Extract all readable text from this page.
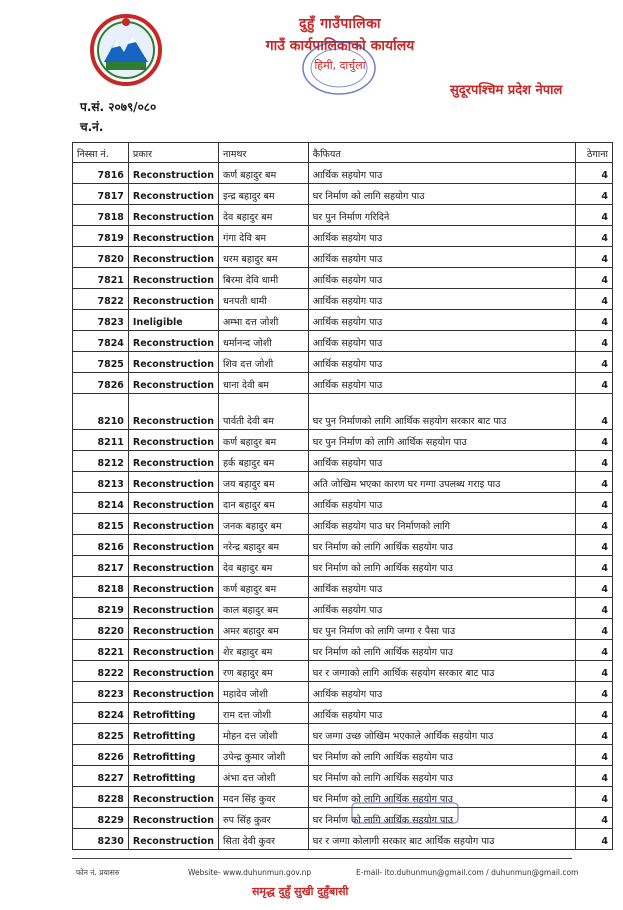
दुहुँ गाउँपालिका
गाउँ कार्यपालिकाको कार्यालय
हिमी, दार्चुला
सुदूरपश्चिम प्रदेश नेपाल
प.सं. २०७९/०८०
च.नं.
निस्सा नं.	प्रकार	नामथर	कैफियत	ठेगाना
7816	Reconstruction	कर्ण बहादुर बम	आर्थिक सहयोग पाउ	4
7817	Reconstruction	इन्द्र बहादुर बम	घर निर्माण को लागि सहयोग पाउ	4
7818	Reconstruction	देव बहादुर बम	घर पुन निर्माण गरिदिने	4
7819	Reconstruction	गंगा देवि बम	आर्थिक सहयोग पाउ	4
7820	Reconstruction	धरम बहादुर बम	आर्थिक सहयोग पाउ	4
7821	Reconstruction	बिरमा देवि धामी	आर्थिक सहयोग पाउ	4
7822	Reconstruction	धनपती धामी	आर्थिक सहयोग पाउ	4
7823	Ineligible	अम्भा दत्त जोशी	आर्थिक सहयोग पाउ	4
7824	Reconstruction	धर्मानन्द जोशी	आर्थिक सहयोग पाउ	4
7825	Reconstruction	शिव दत्त जोशी	आर्थिक सहयोग पाउ	4
7826	Reconstruction	धाना देवी बम	आर्थिक सहयोग पाउ	4
8210	Reconstruction	पार्वती देवी बम	घर पुन निर्माणको लागि आर्थिक सहयोग सरकार बाट पाउ	4
8211	Reconstruction	कर्ण बहादुर बम	घर पुन निर्माण को लागि आर्थिक सहयोग पाउ	4
8212	Reconstruction	हर्क बहादुर बम	आर्थिक सहयोग पाउ	4
8213	Reconstruction	जय बहादुर बम	अति जोखिम भएका कारण घर गग्गा उपलब्ध गराइ पाउ	4
8214	Reconstruction	दान बहादुर बम	आर्थिक सहयोग पाउ	4
8215	Reconstruction	जनक बहादुर बम	आर्थिक सहयोग पाउ घर निर्माणको लागि	4
8216	Reconstruction	नरेन्द्र बहादुर बम	घर निर्माण को लागि आर्थिक सहयोग पाउ	4
8217	Reconstruction	देव बहादुर बम	घर निर्माण को लागि आर्थिक सहयोग पाउ	4
8218	Reconstruction	कर्ण बहादुर बम	आर्थिक सहयोग पाउ	4
8219	Reconstruction	काल बहादुर बम	आर्थिक सहयोग पाउ	4
8220	Reconstruction	अमर बहादुर बम	घर पुन निर्माण को लागि जग्गा र पैसा पाउ	4
8221	Reconstruction	शेर बहादुर बम	घर निर्माण को लागि आर्थिक सहयोग पाउ	4
8222	Reconstruction	रण बहादुर बम	घर र जग्गाको लागि आर्थिक सहयोग सरकार बाट पाउ	4
8223	Reconstruction	महादेव जोशी	आर्थिक सहयोग पाउ	4
8224	Retrofitting	राम दत्त जोशी	आर्थिक सहयोग पाउ	4
8225	Retrofitting	मोहन दत्त जोशी	घर जग्गा उच्छ जोखिम भएकाले आर्थिक सहयोग पाउ	4
8226	Retrofitting	उपेन्द्र कुमार जोशी	घर निर्माण को लागि आर्थिक सहयोग पाउ	4
8227	Retrofitting	अंभा दत्त जोशी	घर निर्माण को लागि आर्थिक सहयोग पाउ	4
8228	Reconstruction	मदन सिंह कुवर	घर निर्माण को लागि आर्थिक सहयोग पाउ	4
8229	Reconstruction	रुप सिंह कुवर	घर निर्माण को लागि आर्थिक सहयोग पाउ	4
8230	Reconstruction	सिता देवी कुवर	घर र जग्गा कोलागी सरकार बाट आर्थिक सहयोग पाउ	4
फोन नं. प्रयासरु	Website- www.duhunmun.gov.np	E-mail- ito.duhunmun@gmail.com / duhunmun@gmail.com
समृद्ध दुहुँ सुखी दुहुँबासी
